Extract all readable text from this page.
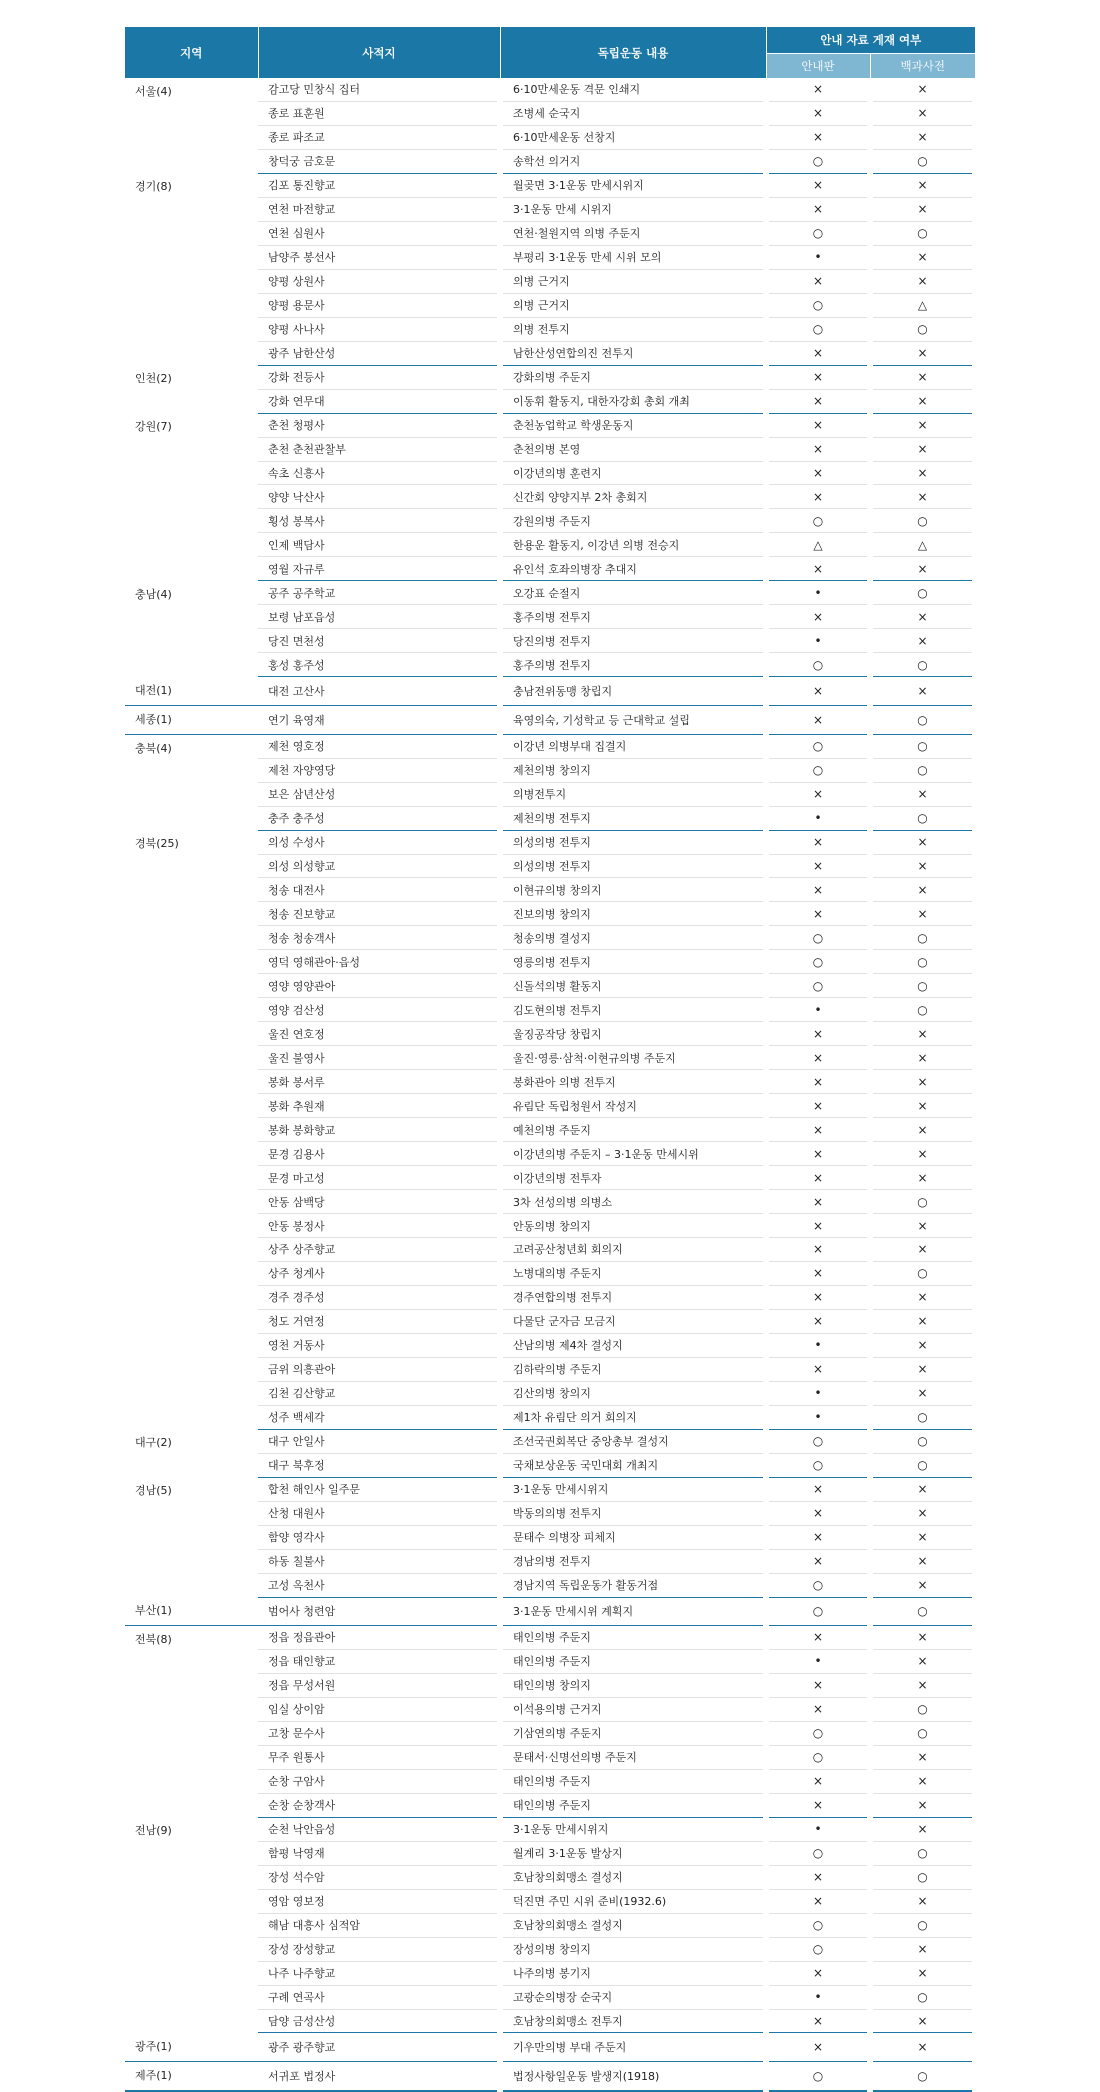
지역	사적지	독립운동 내용	안내 자료 게재 여부	
			안내판	백과사전
서울(4)	감고당 민창식 집터	6·10만세운동 격문 인쇄지	×	×
	종로 표훈원	조병세 순국지	×	×
	종로 파조교	6·10만세운동 선창지	×	×
	창덕궁 금호문	송학선 의거지	○	○
경기(8)	김포 통진향교	월곶면 3·1운동 만세시위지	×	×
	연천 마전향교	3·1운동 만세 시위지	×	×
	연천 심원사	연천·철원지역 의병 주둔지	○	○
	남양주 봉선사	부평리 3·1운동 만세 시위 모의	•	×
	양평 상원사	의병 근거지	×	×
	양평 용문사	의병 근거지	○	△
	양평 사나사	의병 전투지	○	○
	광주 남한산성	남한산성연합의진 전투지	×	×
인천(2)	강화 전등사	강화의병 주둔지	×	×
	강화 연무대	이동휘 활동지, 대한자강회 총회 개최	×	×
강원(7)	춘천 청평사	춘천농업학교 학생운동지	×	×
	춘천 춘천관찰부	춘천의병 본영	×	×
	속초 신흥사	이강년의병 훈련지	×	×
	양양 낙산사	신간회 양양지부 2차 총회지	×	×
	횡성 봉복사	강원의병 주둔지	○	○
	인제 백담사	한용운 활동지, 이강년 의병 전승지	△	△
	영월 자규루	유인석 호좌의병장 추대지	×	×
충남(4)	공주 공주학교	오강표 순절지	•	○
	보령 남포읍성	홍주의병 전투지	×	×
	당진 면천성	당진의병 전투지	•	×
	홍성 홍주성	홍주의병 전투지	○	○
대전(1)	대전 고산사	충남전위동맹 창립지	×	×
세종(1)	연기 육영재	육영의숙, 기성학교 등 근대학교 설립	×	○
충북(4)	제천 영호정	이강년 의병부대 집결지	○	○
	제천 자양영당	제천의병 창의지	○	○
	보은 삼년산성	의병전투지	×	×
	충주 충주성	제천의병 전투지	•	○
경북(25)	의성 수성사	의성의병 전투지	×	×
	의성 의성향교	의성의병 전투지	×	×
	청송 대전사	이현규의병 창의지	×	×
	청송 진보향교	진보의병 창의지	×	×
	청송 청송객사	청송의병 결성지	○	○
	영덕 영해관아·읍성	영릉의병 전투지	○	○
	영양 영양관아	신돌석의병 활동지	○	○
	영양 검산성	김도현의병 전투지	•	○
	울진 연호정	울징공작당 창립지	×	×
	울진 불영사	울진·영릉·삼척·이현규의병 주둔지	×	×
	봉화 봉서루	봉화관아 의병 전투지	×	×
	봉화 추원재	유림단 독립청원서 작성지	×	×
	봉화 봉화향교	예천의병 주둔지	×	×
	문경 김용사	이강년의병 주둔지 – 3·1운동 만세시위	×	×
	문경 마고성	이강년의병 전투자	×	×
	안동 삼백당	3차 선성의병 의병소	×	○
	안동 봉정사	안동의병 창의지	×	×
	상주 상주향교	고려공산청년회 회의지	×	×
	상주 청계사	노병대의병 주둔지	×	○
	경주 경주성	경주연합의병 전투지	×	×
	청도 거연정	다물단 군자금 모금지	×	×
	영천 거동사	산남의병 제4차 결성지	•	×
	금위 의흥관아	김하락의병 주둔지	×	×
	김천 김산향교	김산의병 창의지	•	×
	성주 백세각	제1차 유림단 의거 회의지	•	○
대구(2)	대구 안일사	조선국권회복단 중앙총부 결성지	○	○
	대구 북후정	국채보상운동 국민대회 개최지	○	○
경남(5)	합천 해인사 일주문	3·1운동 만세시위지	×	×
	산청 대원사	박동의의병 전투지	×	×
	함양 영각사	문태수 의병장 피체지	×	×
	하동 칠불사	경남의병 전투지	×	×
	고성 옥천사	경남지역 독립운동가 활동거점	○	×
부산(1)	범어사 청련암	3·1운동 만세시위 계획지	○	○
전북(8)	정읍 정읍관아	태인의병 주둔지	×	×
	정읍 태인향교	태인의병 주둔지	•	×
	정읍 무성서원	태인의병 창의지	×	×
	임실 상이암	이석용의병 근거지	×	○
	고창 문수사	기삼연의병 주둔지	○	○
	무주 원통사	문태서·신명선의병 주둔지	○	×
	순창 구암사	태인의병 주둔지	×	×
	순창 순창객사	태인의병 주둔지	×	×
전남(9)	순천 낙안읍성	3·1운동 만세시위지	•	×
	함평 낙영재	월계리 3·1운동 발상지	○	○
	장성 석수암	호남창의회맹소 결성지	×	○
	영암 영보정	덕진면 주민 시위 준비(1932.6)	×	×
	해남 대흥사 심적암	호남창의회맹소 결성지	○	○
	장성 장성향교	장성의병 창의지	○	×
	나주 나주향교	나주의병 봉기지	×	×
	구례 연곡사	고광순의병장 순국지	•	○
	담양 금성산성	호남창의회맹소 전투지	×	×
광주(1)	광주 광주향교	기우만의병 부대 주둔지	×	×
제주(1)	서귀포 법정사	법정사항일운동 발생지(1918)	○	○
